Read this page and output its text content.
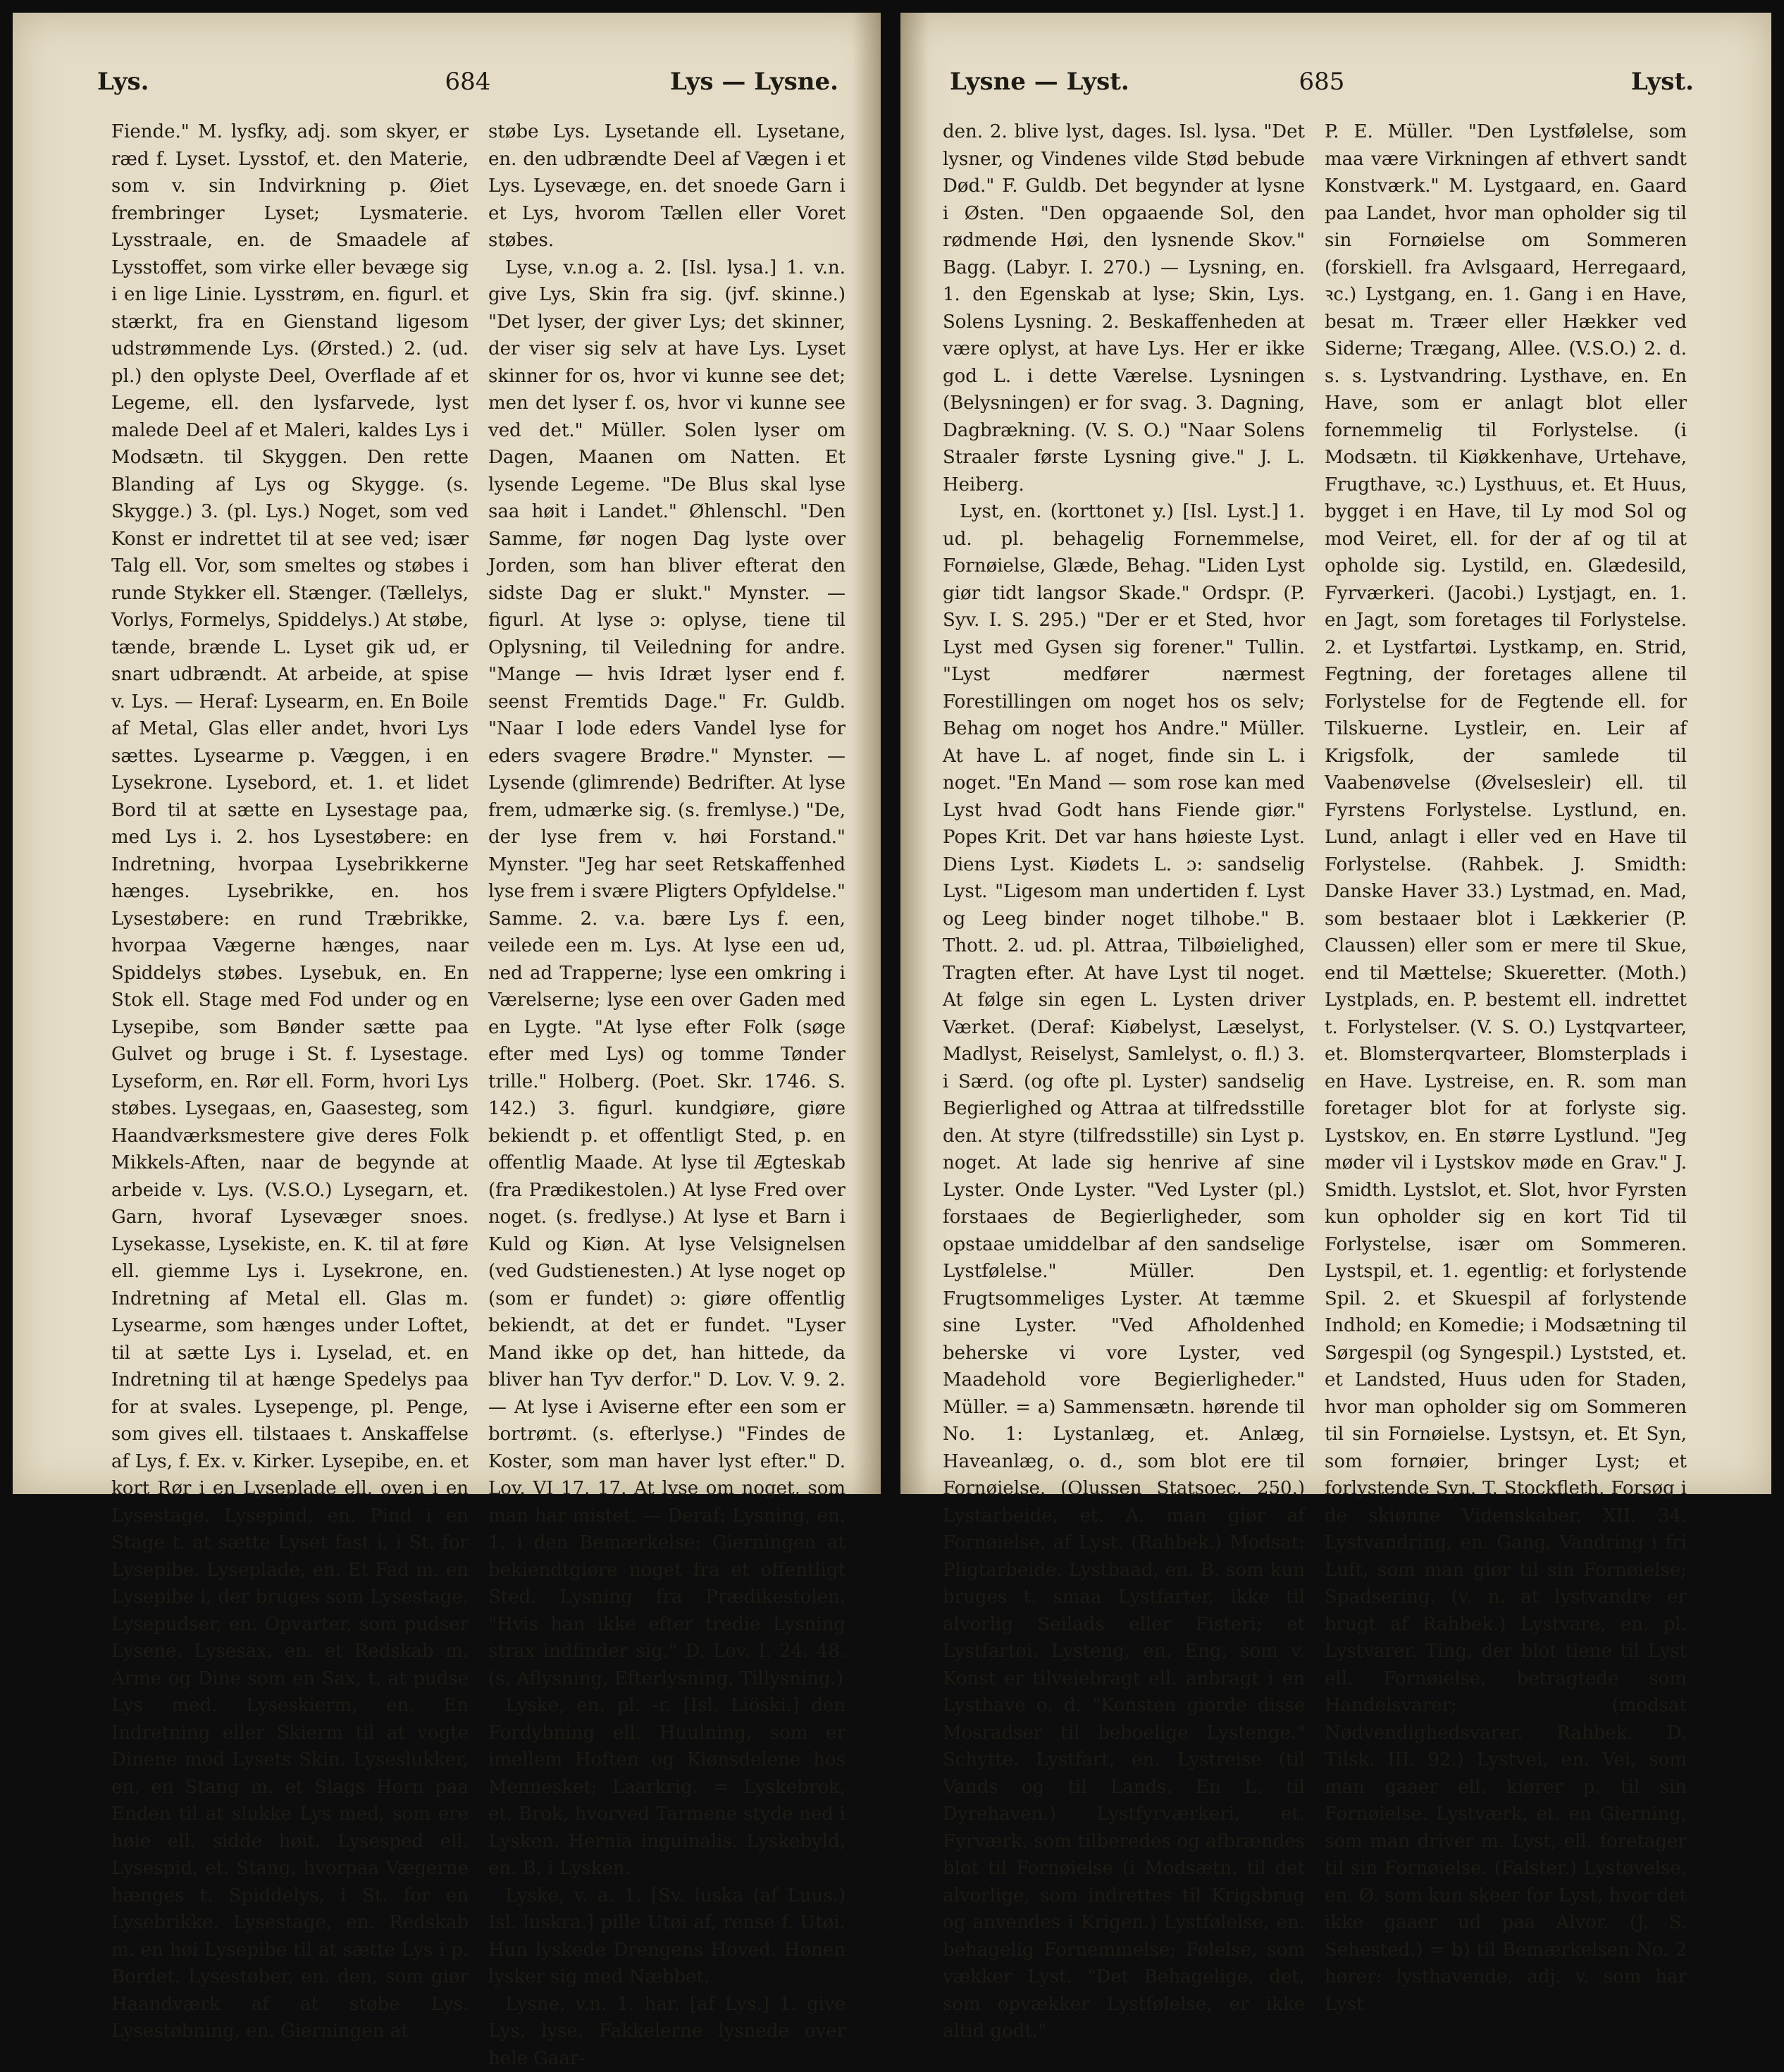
Lys.	684	Lys — Lysne.

Fiende." M. lysfky, adj. som skyer, er ræd f. Lyset. Lysstof, et. den Materie, som v. sin Indvirkning p. Øiet frembringer Lyset; Lysmaterie. Lysstraale, en. de Smaadele af Lysstoffet, som virke eller bevæge sig i en lige Linie. Lysstrøm, en. figurl. et stærkt, fra en Gienstand ligesom udstrømmende Lys. (Ørsted.) 2. (ud. pl.) den oplyste Deel, Overflade af et Legeme, ell. den lysfarvede, lyst malede Deel af et Maleri, kaldes Lys i Modsætn. til Skyggen. Den rette Blanding af Lys og Skygge. (s. Skygge.) 3. (pl. Lys.) Noget, som ved Konst er indrettet til at see ved; især Talg ell. Vor, som smeltes og støbes i runde Stykker ell. Stænger. (Tællelys, Vorlys, Formelys, Spiddelys.) At støbe, tænde, brænde L. Lyset gik ud, er snart udbrændt. At arbeide, at spise v. Lys. — Heraf: Lysearm, en. En Boile af Metal, Glas eller andet, hvori Lys sættes. Lysearme p. Væggen, i en Lysekrone. Lysebord, et. 1. et lidet Bord til at sætte en Lysestage paa, med Lys i. 2. hos Lysestøbere: en Indretning, hvorpaa Lysebrikkerne hænges. Lysebrikke, en. hos Lysestøbere: en rund Træbrikke, hvorpaa Vægerne hænges, naar Spiddelys støbes. Lysebuk, en. En Stok ell. Stage med Fod under og en Lysepibe, som Bønder sætte paa Gulvet og bruge i St. f. Lysestage. Lyseform, en. Rør ell. Form, hvori Lys støbes. Lysegaas, en, Gaasesteg, som Haandværksmestere give deres Folk Mikkels-Aften, naar de begynde at arbeide v. Lys. (V.S.O.) Lysegarn, et. Garn, hvoraf Lysevæger snoes. Lysekasse, Lysekiste, en. K. til at føre ell. giemme Lys i. Lysekrone, en. Indretning af Metal ell. Glas m. Lysearme, som hænges under Loftet, til at sætte Lys i. Lyselad, et. en Indretning til at hænge Spedelys paa for at svales. Lysepenge, pl. Penge, som gives ell. tilstaaes t. Anskaffelse af Lys, f. Ex. v. Kirker. Lysepibe, en. et kort Rør i en Lyseplade ell. oven i en Lysestage. Lysepind, en. Pind i en Stage t. at sætte Lyset fast i, i St. for Lysepibe. Lyseplade, en. Et Fad m. en Lysepibe i, der bruges som Lysestage. Lysepudser, en. Opvarter, som pudser Lysene. Lysesax, en. et Redskab m. Arme og Dine som en Sax, t. at pudse Lys med. Lyseskierm, en. En Indretning eller Skierm til at vogte Dinene mod Lysets Skin. Lyseslukker, en. en Stang m. et Slags Horn paa Enden til at slukke Lys med, som ere høie ell. sidde høit. Lysesped ell. Lysespid, et. Stang, hvorpaa Vægerne hænges t. Spiddelys, i St. for en Lysebrikke. Lysestage, en. Redskab m. en høi Lysepibe til at sætte Lys i p. Bordet. Lysestøber, en. den, som giør Haandværk af at støbe Lys. Lysestøbning, en. Gierningen at

støbe Lys. Lysetande ell. Lysetane, en. den udbrændte Deel af Vægen i et Lys. Lysevæge, en. det snoede Garn i et Lys, hvorom Tællen eller Voret støbes.

Lyse, v.n.og a. 2. [Isl. lysa.] 1. v.n. give Lys, Skin fra sig. (jvf. skinne.) "Det lyser, der giver Lys; det skinner, der viser sig selv at have Lys. Lyset skinner for os, hvor vi kunne see det; men det lyser f. os, hvor vi kunne see ved det." Müller. Solen lyser om Dagen, Maanen om Natten. Et lysende Legeme. "De Blus skal lyse saa høit i Landet." Øhlenschl. "Den Samme, før nogen Dag lyste over Jorden, som han bliver efterat den sidste Dag er slukt." Mynster. — figurl. At lyse ɔ: oplyse, tiene til Oplysning, til Veiledning for andre. "Mange — hvis Idræt lyser end f. seenst Fremtids Dage." Fr. Guldb. "Naar I lode eders Vandel lyse for eders svagere Brødre." Mynster. — Lysende (glimrende) Bedrifter. At lyse frem, udmærke sig. (s. fremlyse.) "De, der lyse frem v. høi Forstand." Mynster. "Jeg har seet Retskaffenhed lyse frem i svære Pligters Opfyldelse." Samme. 2. v.a. bære Lys f. een, veilede een m. Lys. At lyse een ud, ned ad Trapperne; lyse een omkring i Værelserne; lyse een over Gaden med en Lygte. "At lyse efter Folk (søge efter med Lys) og tomme Tønder trille." Holberg. (Poet. Skr. 1746. S. 142.) 3. figurl. kundgiøre, giøre bekiendt p. et offentligt Sted, p. en offentlig Maade. At lyse til Ægteskab (fra Prædikestolen.) At lyse Fred over noget. (s. fredlyse.) At lyse et Barn i Kuld og Kiøn. At lyse Velsignelsen (ved Gudstienesten.) At lyse noget op (som er fundet) ɔ: giøre offentlig bekiendt, at det er fundet. "Lyser Mand ikke op det, han hittede, da bliver han Tyv derfor." D. Lov. V. 9. 2. — At lyse i Aviserne efter een som er bortrømt. (s. efterlyse.) "Findes de Koster, som man haver lyst efter." D. Lov. VI 17. 17. At lyse om noget, som man har mistet. — Deraf: Lysning, en. 1. i den Bemærkelse: Gierningen at bekiendtgiøre noget fra et offentligt Sted. Lysning fra Prædikestolen. "Hvis han ikke efter tredie Lysning strax indfinder sig." D. Lov. I. 24. 48. (s. Aflysning, Efterlysning, Tillysning.)

Lyske, en. pl. -r. [Isl. Liöski.] den Fordybning ell. Huulning, som er imellem Hoften og Kiønsdelene hos Mennesket; Laarkrig. = Lyskebrok, et. Brok, hvorved Tarmene styde ned i Lysken. Hernia inguinalis. Lyskebyld, en. B. i Lysken.

Lyske, v. a. 1. [Sv. luska (af Luus.) Isl. luskra.] pille Utøi af, rense f. Utøi. Hun lyskede Drengens Hoved. Hønen lysker sig med Næbbet.

Lysne, v.n. 1. har. [af Lys.] 1. give Lys, lyse. Fakkelerne lysnede over hele Gaar-

Lysne — Lyst.	685	Lyst.

den. 2. blive lyst, dages. Isl. lysa. "Det lysner, og Vindenes vilde Stød bebude Død." F. Guldb. Det begynder at lysne i Østen. "Den opgaaende Sol, den rødmende Høi, den lysnende Skov." Bagg. (Labyr. I. 270.) — Lysning, en. 1. den Egenskab at lyse; Skin, Lys. Solens Lysning. 2. Beskaffenheden at være oplyst, at have Lys. Her er ikke god L. i dette Værelse. Lysningen (Belysningen) er for svag. 3. Dagning, Dagbrækning. (V. S. O.) "Naar Solens Straaler første Lysning give." J. L. Heiberg.

Lyst, en. (korttonet y.) [Isl. Lyst.] 1. ud. pl. behagelig Fornemmelse, Fornøielse, Glæde, Behag. "Liden Lyst giør tidt langsor Skade." Ordspr. (P. Syv. I. S. 295.) "Der er et Sted, hvor Lyst med Gysen sig forener." Tullin. "Lyst medfører nærmest Forestillingen om noget hos os selv; Behag om noget hos Andre." Müller. At have L. af noget, finde sin L. i noget. "En Mand — som rose kan med Lyst hvad Godt hans Fiende giør." Popes Krit. Det var hans høieste Lyst. Diens Lyst. Kiødets L. ɔ: sandselig Lyst. "Ligesom man undertiden f. Lyst og Leeg binder noget tilhobe." B. Thott. 2. ud. pl. Attraa, Tilbøielighed, Tragten efter. At have Lyst til noget. At følge sin egen L. Lysten driver Værket. (Deraf: Kiøbelyst, Læselyst, Madlyst, Reiselyst, Samlelyst, o. fl.) 3. i Særd. (og ofte pl. Lyster) sandselig Begierlighed og Attraa at tilfredsstille den. At styre (tilfredsstille) sin Lyst p. noget. At lade sig henrive af sine Lyster. Onde Lyster. "Ved Lyster (pl.) forstaaes de Begierligheder, som opstaae umiddelbar af den sandselige Lystfølelse." Müller. Den Frugtsommeliges Lyster. At tæmme sine Lyster. "Ved Afholdenhed beherske vi vore Lyster, ved Maadehold vore Begierligheder." Müller. = a) Sammensætn. hørende til No. 1: Lystanlæg, et. Anlæg, Haveanlæg, o. d., som blot ere til Fornøielse. (Olussen Statsoec. 250.) Lystarbeide, et. A. man giør af Fornøielse, af Lyst. (Rahbek.) Modsat: Pligtarbeide. Lystbaad, en. B. som kun bruges t. smaa Lystfarter, ikke til alvorlig Seilads eller Fisteri; et Lystfartøi. Lysteng, en. Eng, som v. Konst er tilveiebragt ell. anbragt i en Lysthave o. d. "Konsten giorde disse Mosradser til beboelige Lystenge." Schytte. Lystfart, en. Lystreise (til Vands og til Lands. En L. til Dyrehaven.) Lystfyrværkeri, et. Fyrværk, som tilberedes og afbrændes blot til Fornøielse (i Modsætn. til det alvorlige, som indrettes til Krigsbrug og anvendes i Krigen.) Lystfølelse, en. behagelig Fornemmelse; Følelse, som vækker Lyst. "Det Behagelige, det, som opvækker Lystfølelse, er ikke altid godt."

P. E. Müller. "Den Lystfølelse, som maa være Virkningen af ethvert sandt Konstværk." M. Lystgaard, en. Gaard paa Landet, hvor man opholder sig til sin Fornøielse om Sommeren (forskiell. fra Avlsgaard, Herregaard, ꝛc.) Lystgang, en. 1. Gang i en Have, besat m. Træer eller Hækker ved Siderne; Trægang, Allee. (V.S.O.) 2. d. s. s. Lystvandring. Lysthave, en. En Have, som er anlagt blot eller fornemmelig til Forlystelse. (i Modsætn. til Kiøkkenhave, Urtehave, Frugthave, ꝛc.) Lysthuus, et. Et Huus, bygget i en Have, til Ly mod Sol og mod Veiret, ell. for der af og til at opholde sig. Lystild, en. Glædesild, Fyrværkeri. (Jacobi.) Lystjagt, en. 1. en Jagt, som foretages til Forlystelse. 2. et Lystfartøi. Lystkamp, en. Strid, Fegtning, der foretages allene til Forlystelse for de Fegtende ell. for Tilskuerne. Lystleir, en. Leir af Krigsfolk, der samlede til Vaabenøvelse (Øvelsesleir) ell. til Fyrstens Forlystelse. Lystlund, en. Lund, anlagt i eller ved en Have til Forlystelse. (Rahbek. J. Smidth: Danske Haver 33.) Lystmad, en. Mad, som bestaaer blot i Lækkerier (P. Claussen) eller som er mere til Skue, end til Mættelse; Skueretter. (Moth.) Lystplads, en. P. bestemt ell. indrettet t. Forlystelser. (V. S. O.) Lystqvarteer, et. Blomsterqvarteer, Blomsterplads i en Have. Lystreise, en. R. som man foretager blot for at forlyste sig. Lystskov, en. En større Lystlund. "Jeg møder vil i Lystskov møde en Grav." J. Smidth. Lystslot, et. Slot, hvor Fyrsten kun opholder sig en kort Tid til Forlystelse, især om Sommeren. Lystspil, et. 1. egentlig: et forlystende Spil. 2. et Skuespil af forlystende Indhold; en Komedie; i Modsætning til Sørgespil (og Syngespil.) Lyststed, et. et Landsted, Huus uden for Staden, hvor man opholder sig om Sommeren til sin Fornøielse. Lystsyn, et. Et Syn, som fornøier, bringer Lyst; et forlystende Syn. T. Stockfleth. Forsøg i de skiønne Videnskaber. XII. 34. Lystvandring, en. Gang, Vandring i fri Luft, som man giør til sin Fornøielse; Spadsering. (v. n. at lystvandre er brugt af Rahbek.) Lystvare, en. pl. Lystvarer. Ting, der blot tiene til Lyst ell. Fornøielse, betragtede som Handelsvarer; (modsat Nødvendighedsvarer. Rahbek. D. Tilsk. III. 92.) Lystvei, en. Vei, som man gaaer ell. kiører p. til sin Fornøielse. Lystværk, et. en Gierning, som man driver m. Lyst, ell. foretager til sin Fornøielse. (Falster.) Lystøvelse, en. Ø. som kun skeer for Lyst, hvor det ikke gaaer ud paa Alvor. (J. S. Sehested.) = b) til Bemærkelsen No. 2 hører: lysthavende, adj. v. som har Lyst
